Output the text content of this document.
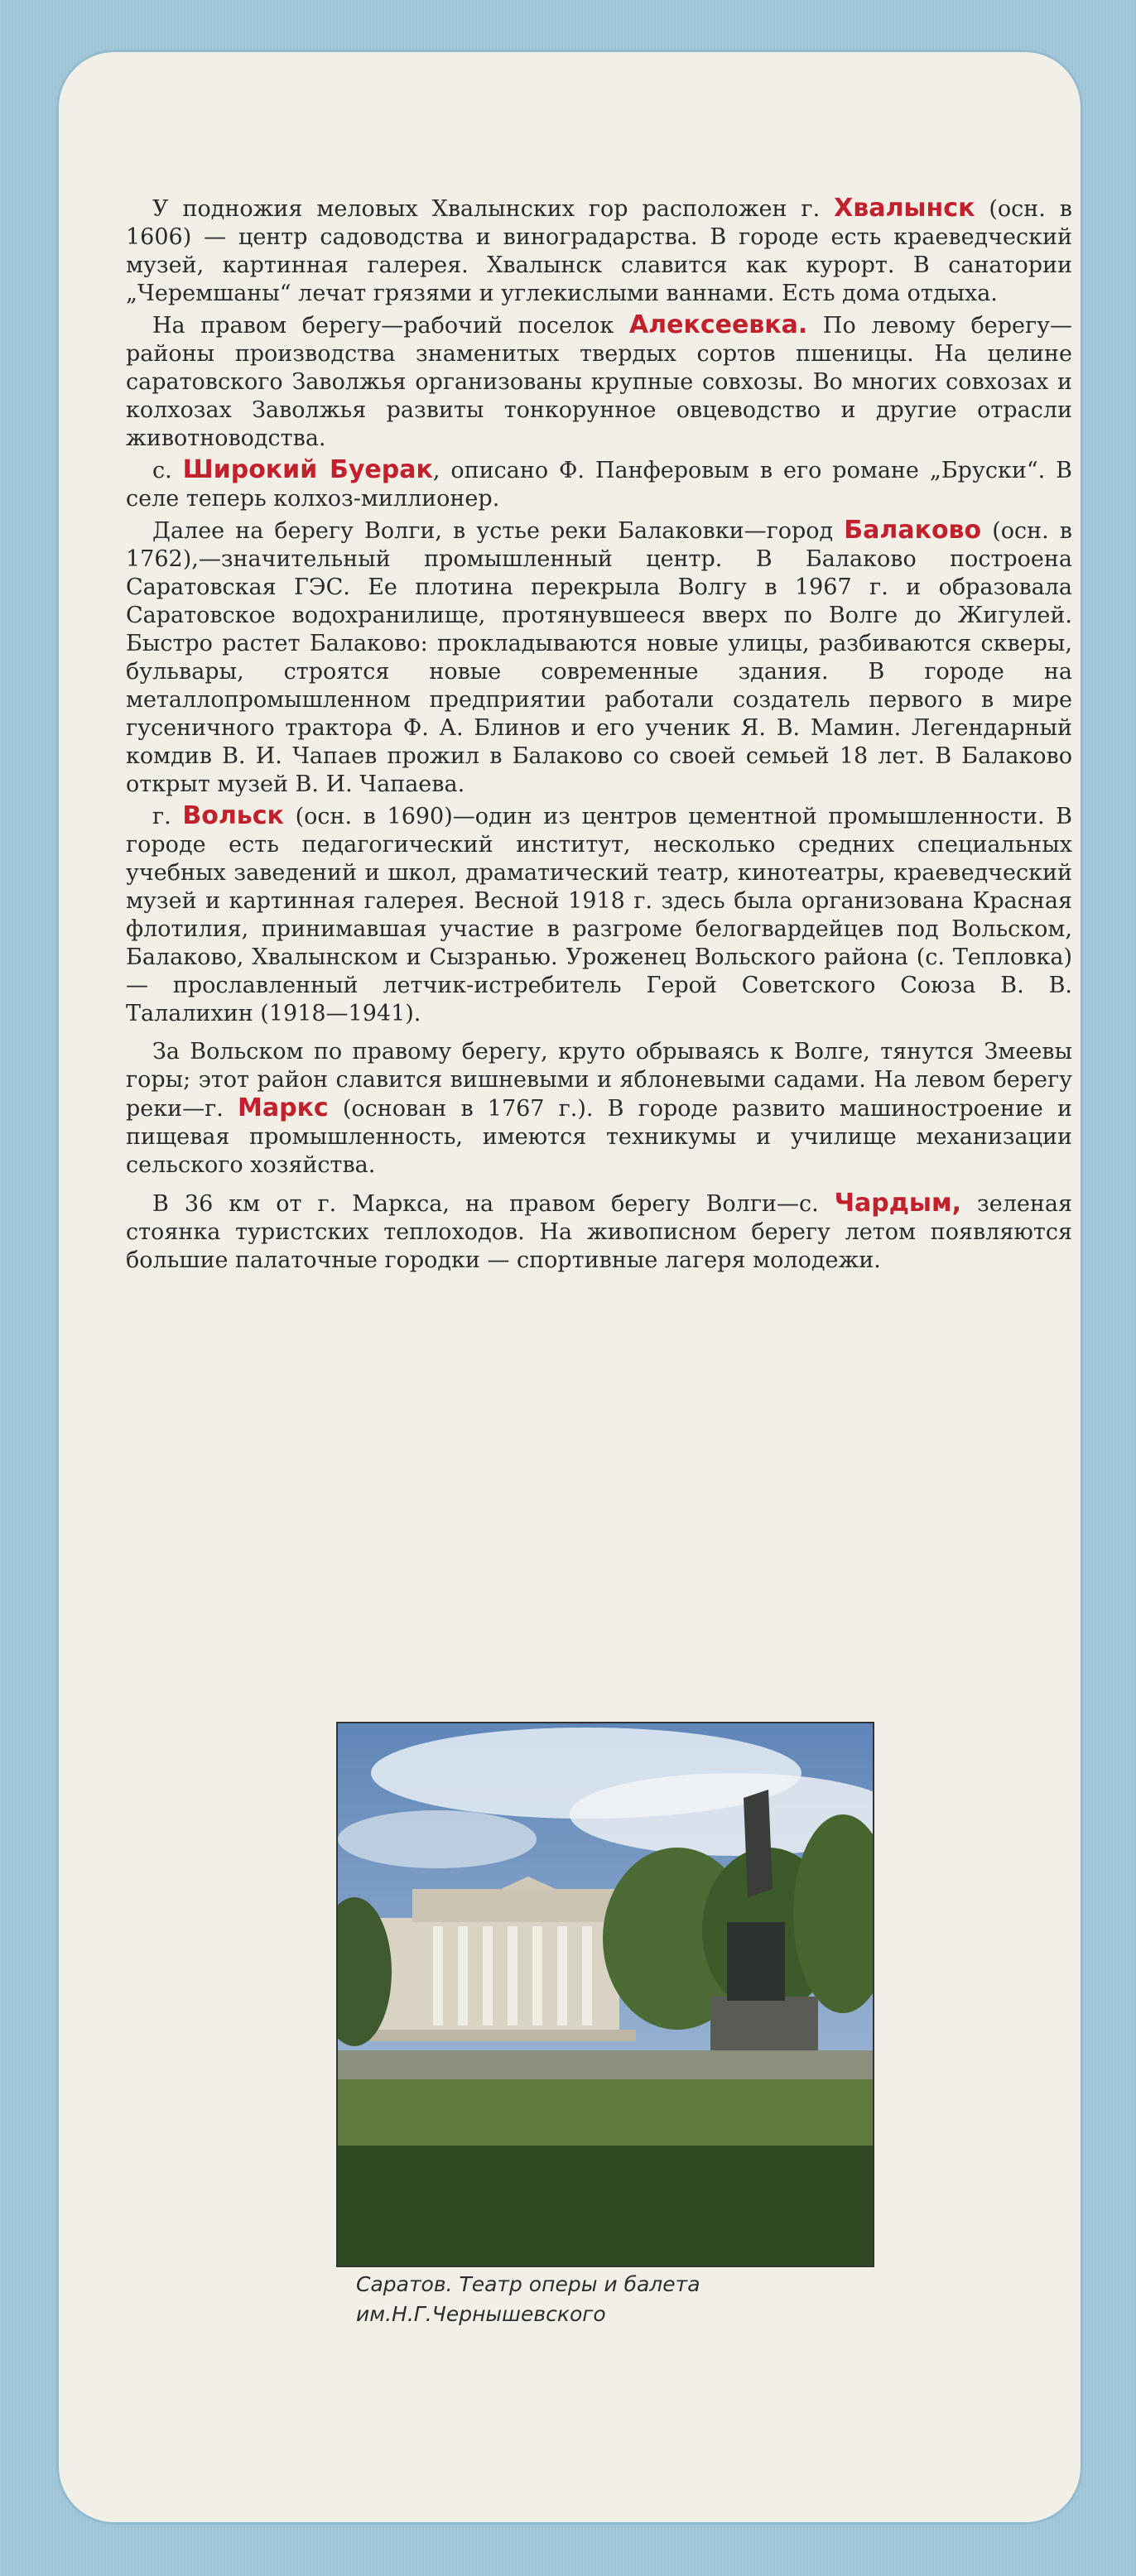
У подножия меловых Хвалынских гор расположен г. Хвалынск (осн. в 1606) — центр садоводства и виноградарства. В городе есть краеведческий музей, картинная галерея. Хвалынск славится как курорт. В санатории „Черемшаны“ лечат грязями и углекислыми ваннами. Есть дома отдыха.

На правом берегу—рабочий поселок Алексеевка. По левому берегу—районы производства знаменитых твердых сортов пшеницы. На целине саратовского Заволжья организованы крупные совхозы. Во многих совхозах и колхозах Заволжья развиты тонкорунное овцеводство и другие отрасли животноводства.

с. Широкий Буерак, описано Ф. Панферовым в его романе „Бруски“. В селе теперь колхоз-миллионер.

Далее на берегу Волги, в устье реки Балаковки—город Балаково (осн. в 1762),—значительный промышленный центр. В Балаково построена Саратовская ГЭС. Ее плотина перекрыла Волгу в 1967 г. и образовала Саратовское водохранилище, протянувшееся вверх по Волге до Жигулей. Быстро растет Балаково: прокладываются новые улицы, разбиваются скверы, бульвары, строятся новые современные здания. В городе на металлопромышленном предприятии работали создатель первого в мире гусеничного трактора Ф. А. Блинов и его ученик Я. В. Мамин. Легендарный комдив В. И. Чапаев прожил в Балаково со своей семьей 18 лет. В Балаково открыт музей В. И. Чапаева.

г. Вольск (осн. в 1690)—один из центров цементной промышленности. В городе есть педагогический институт, несколько средних специальных учебных заведений и школ, драматический театр, кинотеатры, краеведческий музей и картинная галерея. Весной 1918 г. здесь была организована Красная флотилия, принимавшая участие в разгроме белогвардейцев под Вольском, Балаково, Хвалынском и Сызранью. Уроженец Вольского района (с. Тепловка) — прославленный летчик-истребитель Герой Советского Союза В. В. Талалихин (1918—1941).

За Вольском по правому берегу, круто обрываясь к Волге, тянутся Змеевы горы; этот район славится вишневыми и яблоневыми садами. На левом берегу реки—г. Маркс (основан в 1767 г.). В городе развито машиностроение и пищевая промышленность, имеются техникумы и училище механизации сельского хозяйства.

В 36 км от г. Маркса, на правом берегу Волги—с. Чардым, зеленая стоянка туристских теплоходов. На живописном берегу летом появляются большие палаточные городки — спортивные лагеря молодежи.

Саратов. Театр оперы и балета
им.Н.Г.Чернышевского
